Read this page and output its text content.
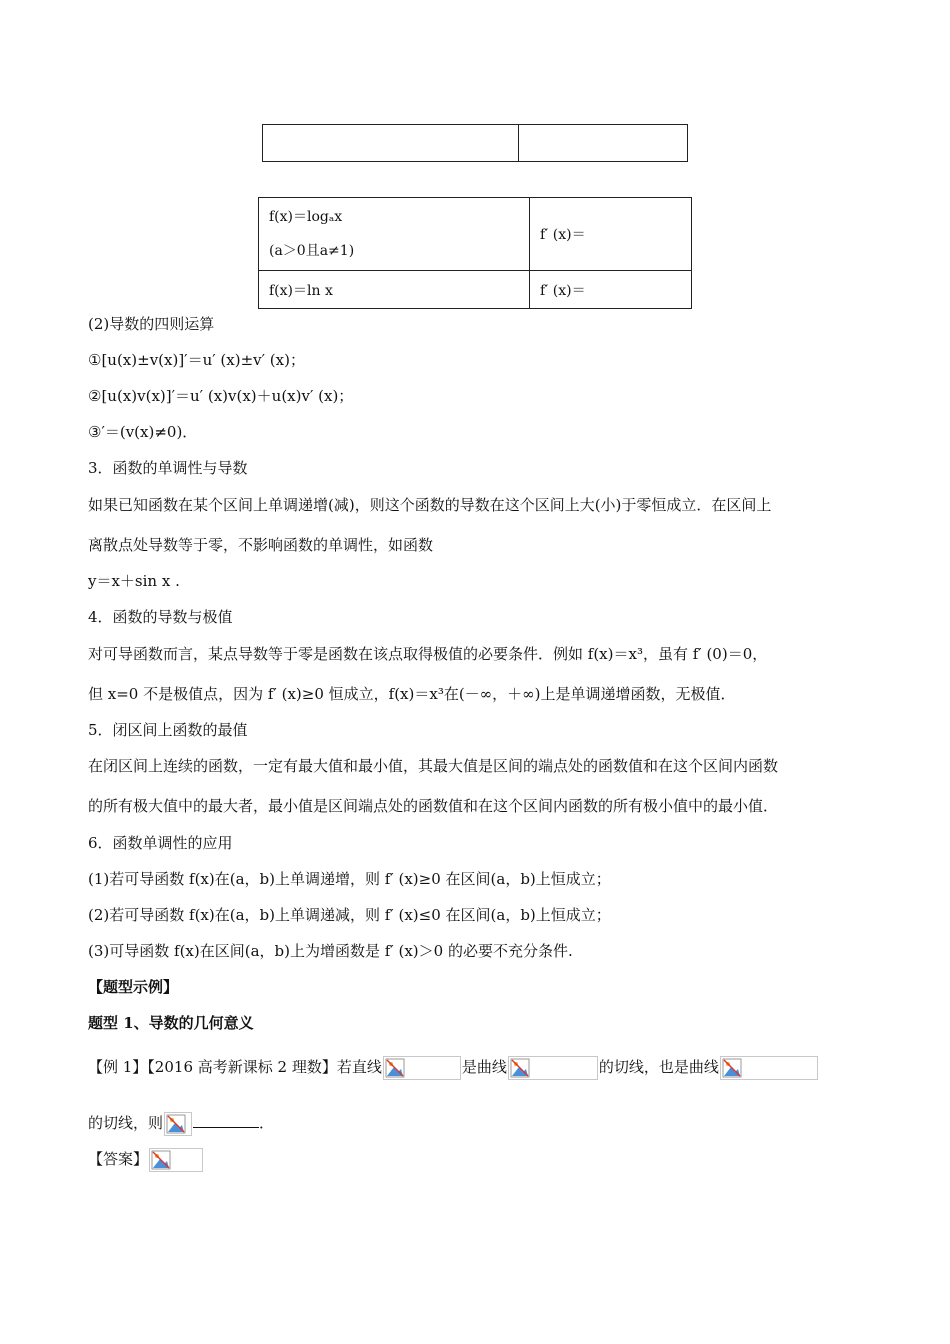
f(x)＝logₐx
(a＞0且a≠1)	f′ (x)＝
f(x)＝ln x	f′ (x)＝
(2)导数的四则运算
①[u(x)±v(x)]′＝u′ (x)±v′ (x)；
②[u(x)v(x)]′＝u′ (x)v(x)＋u(x)v′ (x)；
③′＝(v(x)≠0)．
3．函数的单调性与导数
如果已知函数在某个区间上单调递增(减)，则这个函数的导数在这个区间上大(小)于零恒成立．在区间上
离散点处导数等于零，不影响函数的单调性，如函数
y＝x＋sin x .
4．函数的导数与极值
对可导函数而言，某点导数等于零是函数在该点取得极值的必要条件．例如 f(x)＝x³，虽有 f′ (0)＝0，
但 x=0 不是极值点，因为 f′ (x)≥0 恒成立，f(x)＝x³在(－∞，＋∞)上是单调递增函数，无极值．
5．闭区间上函数的最值
在闭区间上连续的函数，一定有最大值和最小值，其最大值是区间的端点处的函数值和在这个区间内函数
的所有极大值中的最大者，最小值是区间端点处的函数值和在这个区间内函数的所有极小值中的最小值．
6．函数单调性的应用
(1)若可导函数 f(x)在(a，b)上单调递增，则 f′ (x)≥0 在区间(a，b)上恒成立；
(2)若可导函数 f(x)在(a，b)上单调递减，则 f′ (x)≤0 在区间(a，b)上恒成立；
(3)可导函数 f(x)在区间(a，b)上为增函数是 f′ (x)＞0 的必要不充分条件.
【题型示例】
题型 1、导数的几何意义
【例 1】【2016 高考新课标 2 理数】若直线	是曲线	的切线，也是曲线
的切线，则	．
【答案】
